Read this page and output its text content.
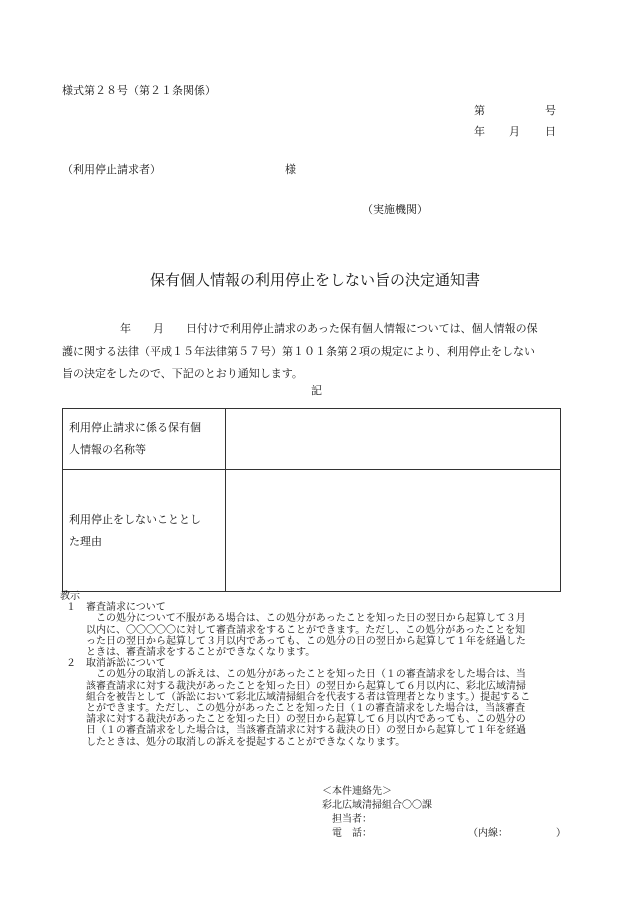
様式第２８号（第２１条関係）
第	号
年 月 日
（利用停止請求者）	様
（実施機関）
保有個人情報の利用停止をしない旨の決定通知書

年 月 日付けで利用停止請求のあった保有個人情報については、個人情報の保

護に関する法律（平成１５年法律第５７号）第１０１条第２項の規定により、利用停止をしない

旨の決定をしたので、下記のとおり通知します。

記
利用停止請求に係る保有個
人情報の名称等	

利用停止をしないこととし
た理由	

教示
１　審査請求について
この処分について不服がある場合は、この処分があったことを知った日の翌日から起算して３月
以内に、〇〇〇〇〇に対して審査請求をすることができます。ただし、この処分があったことを知
った日の翌日から起算して３月以内であっても、この処分の日の翌日から起算して１年を経過した
ときは、審査請求をすることができなくなります。
２　取消訴訟について
この処分の取消しの訴えは、この処分があったことを知った日（１の審査請求をした場合は、当
該審査請求に対する裁決があったことを知った日）の翌日から起算して６月以内に、彩北広域清掃
組合を被告として（訴訟において彩北広域清掃組合を代表する者は管理者となります。）提起するこ
とができます。ただし、この処分があったことを知った日（１の審査請求をした場合は，当該審査
請求に対する裁決があったことを知った日）の翌日から起算して６月以内であっても、この処分の
日（１の審査請求をした場合は，当該審査請求に対する裁決の日）の翌日から起算して１年を経過
したときは、処分の取消しの訴えを提起することができなくなります。
＜本件連絡先＞
彩北広域清掃組合〇〇課
担当者：
電　話：	（内線：	）
